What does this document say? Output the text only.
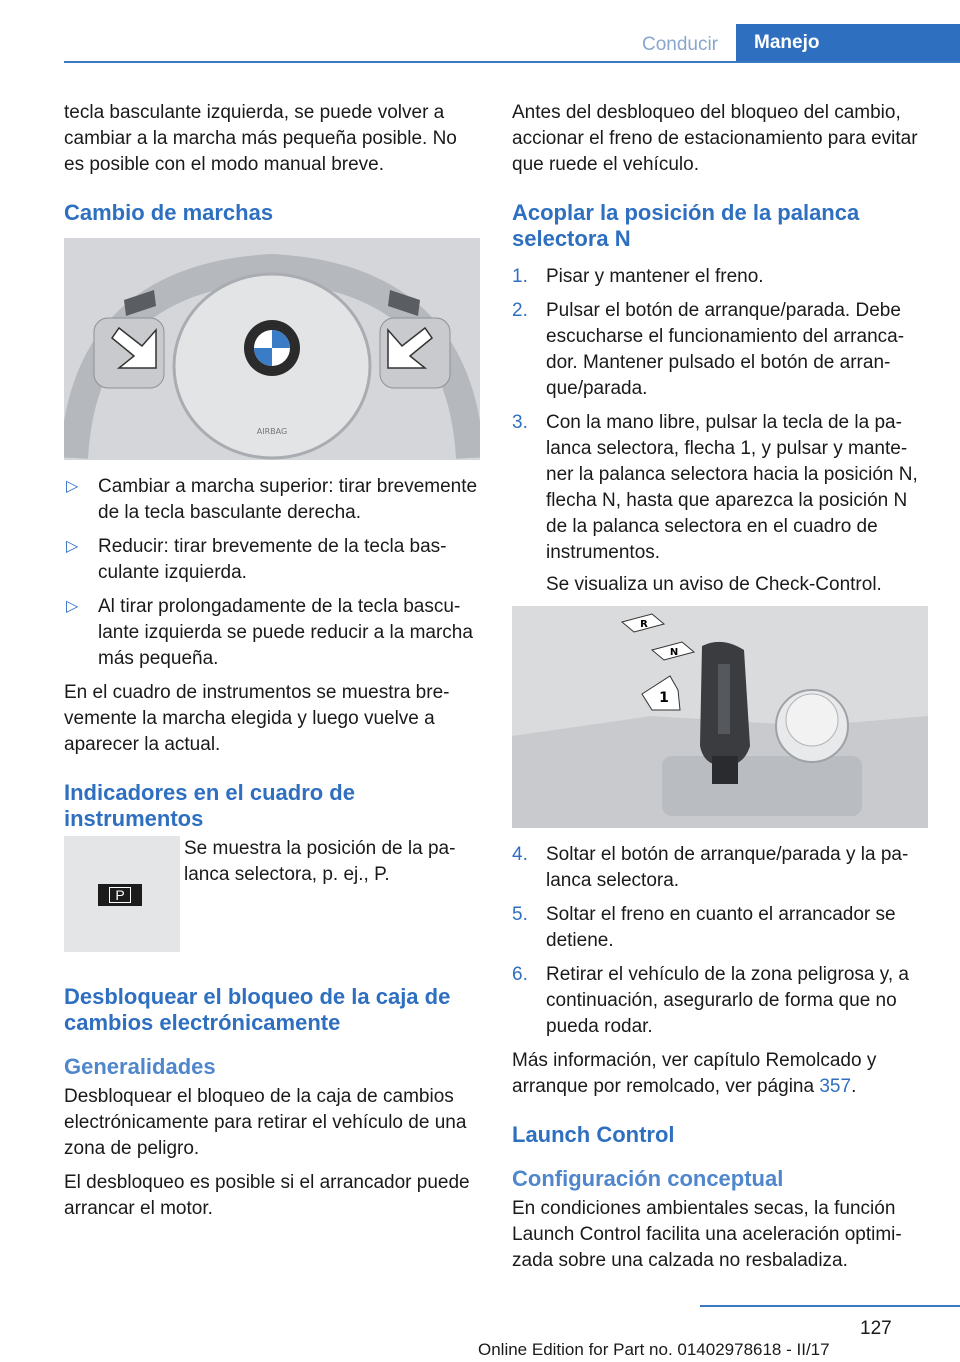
Conducir	Manejo

tecla basculante izquierda, se puede volver a cambiar a la marcha más pequeña posible. No es posible con el modo manual breve.

Cambio de marchas
AIRBAG
▷ Cambiar a marcha superior: tirar brevemente de la tecla basculante derecha.
▷ Reducir: tirar brevemente de la tecla basculante izquierda.
▷ Al tirar prolongadamente de la tecla basculante izquierda se puede reducir a la marcha más pequeña.

En el cuadro de instrumentos se muestra brevemente la marcha elegida y luego vuelve a aparecer la actual.

Indicadores en el cuadro de instrumentos
P
Se muestra la posición de la palanca selectora, p. ej., P.
Desbloquear el bloqueo de la caja de cambios electrónicamente
Generalidades

Desbloquear el bloqueo de la caja de cambios electrónicamente para retirar el vehículo de una zona de peligro.

El desbloqueo es posible si el arrancador puede arrancar el motor.

Antes del desbloqueo del bloqueo del cambio, accionar el freno de estacionamiento para evitar que ruede el vehículo.

Acoplar la posición de la palanca selectora N
1. Pisar y mantener el freno.
2. Pulsar el botón de arranque/parada. Debe escucharse el funcionamiento del arrancador. Mantener pulsado el botón de arranque/parada.
3. Con la mano libre, pulsar la tecla de la palanca selectora, flecha 1, y pulsar y mantener la palanca selectora hacia la posición N, flecha N, hasta que aparezca la posición N de la palanca selectora en el cuadro de instrumentos.
Se visualiza un aviso de Check-Control.
R
N
1
4. Soltar el botón de arranque/parada y la palanca selectora.
5. Soltar el freno en cuanto el arrancador se detiene.
6. Retirar el vehículo de la zona peligrosa y, a continuación, asegurarlo de forma que no pueda rodar.

Más información, ver capítulo Remolcado y arranque por remolcado, ver página 357.

Launch Control
Configuración conceptual

En condiciones ambientales secas, la función Launch Control facilita una aceleración optimizada sobre una calzada no resbaladiza.

127
Online Edition for Part no. 01402978618 - II/17
